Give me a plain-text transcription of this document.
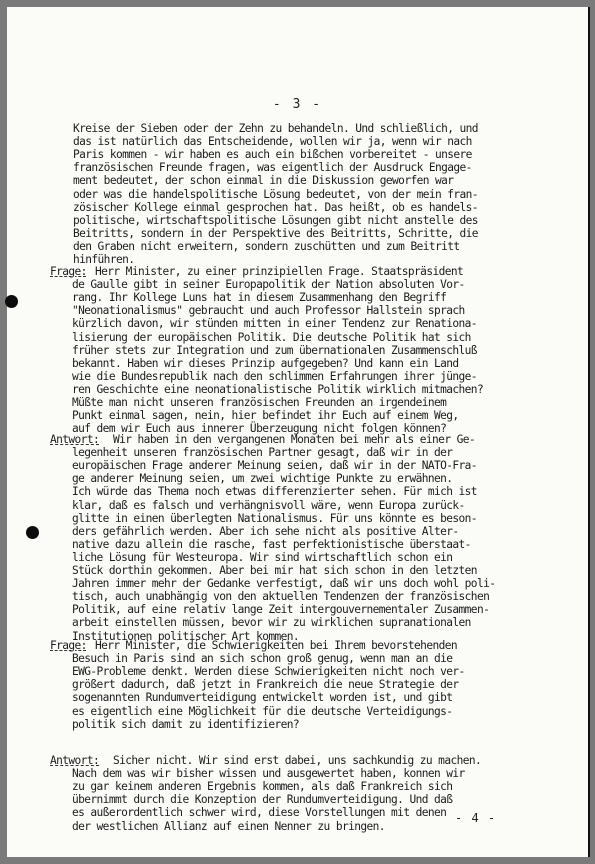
- 3 -
Kreise der Sieben oder der Zehn zu behandeln. Und schließlich, und
das ist natürlich das Entscheidende, wollen wir ja, wenn wir nach
Paris kommen - wir haben es auch ein bißchen vorbereitet - unsere
französischen Freunde fragen, was eigentlich der Ausdruck Engage-
ment bedeutet, der schon einmal in die Diskussion geworfen war
oder was die handelspolitische Lösung bedeutet, von der mein fran-
zösischer Kollege einmal gesprochen hat. Das heißt, ob es handels-
politische, wirtschaftspolitische Lösungen gibt nicht anstelle des
Beitritts, sondern in der Perspektive des Beitritts, Schritte, die
den Graben nicht erweitern, sondern zuschütten und zum Beitritt
hinführen.
Frage: Herr Minister, zu einer prinzipiellen Frage. Staatspräsident
de Gaulle gibt in seiner Europapolitik der Nation absoluten Vor-
rang. Ihr Kollege Luns hat in diesem Zusammenhang den Begriff
"Neonationalismus" gebraucht und auch Professor Hallstein sprach
kürzlich davon, wir stünden mitten in einer Tendenz zur Renationa-
lisierung der europäischen Politik. Die deutsche Politik hat sich
früher stets zur Integration und zum übernationalen Zusammenschluß
bekannt. Haben wir dieses Prinzip aufgegeben? Und kann ein Land
wie die Bundesrepublik nach den schlimmen Erfahrungen ihrer jünge-
ren Geschichte eine neonationalistische Politik wirklich mitmachen?
Müßte man nicht unseren französischen Freunden an irgendeinem
Punkt einmal sagen, nein, hier befindet ihr Euch auf einem Weg,
auf dem wir Euch aus innerer Überzeugung nicht folgen können?
Antwort: Wir haben in den vergangenen Monaten bei mehr als einer Ge-
legenheit unseren französischen Partner gesagt, daß wir in der
europäischen Frage anderer Meinung seien, daß wir in der NATO-Fra-
ge anderer Meinung seien, um zwei wichtige Punkte zu erwähnen.
Ich würde das Thema noch etwas differenzierter sehen. Für mich ist
klar, daß es falsch und verhängnisvoll wäre, wenn Europa zurück-
glitte in einen überlegten Nationalismus. Für uns könnte es beson-
ders gefährlich werden. Aber ich sehe nicht als positive Alter-
native dazu allein die rasche, fast perfektionistische überstaat-
liche Lösung für Westeuropa. Wir sind wirtschaftlich schon ein
Stück dorthin gekommen. Aber bei mir hat sich schon in den letzten
Jahren immer mehr der Gedanke verfestigt, daß wir uns doch wohl poli-
tisch, auch unabhängig von den aktuellen Tendenzen der französischen
Politik, auf eine relativ lange Zeit intergouvernementaler Zusammen-
arbeit einstellen müssen, bevor wir zu wirklichen supranationalen
Institutionen politischer Art kommen.
Frage: Herr Minister, die Schwierigkeiten bei Ihrem bevorstehenden
Besuch in Paris sind an sich schon groß genug, wenn man an die
EWG-Probleme denkt. Werden diese Schwierigkeiten nicht noch ver-
größert dadurch, daß jetzt in Frankreich die neue Strategie der
sogenannten Rundumverteidigung entwickelt worden ist, und gibt
es eigentlich eine Möglichkeit für die deutsche Verteidigungs-
politik sich damit zu identifizieren?
Antwort: Sicher nicht. Wir sind erst dabei, uns sachkundig zu machen.
Nach dem was wir bisher wissen und ausgewertet haben, konnen wir
zu gar keinem anderen Ergebnis kommen, als daß Frankreich sich
übernimmt durch die Konzeption der Rundumverteidigung. Und daß
es außerordentlich schwer wird, diese Vorstellungen mit denen
der westlichen Allianz auf einen Nenner zu bringen.
- 4 -
